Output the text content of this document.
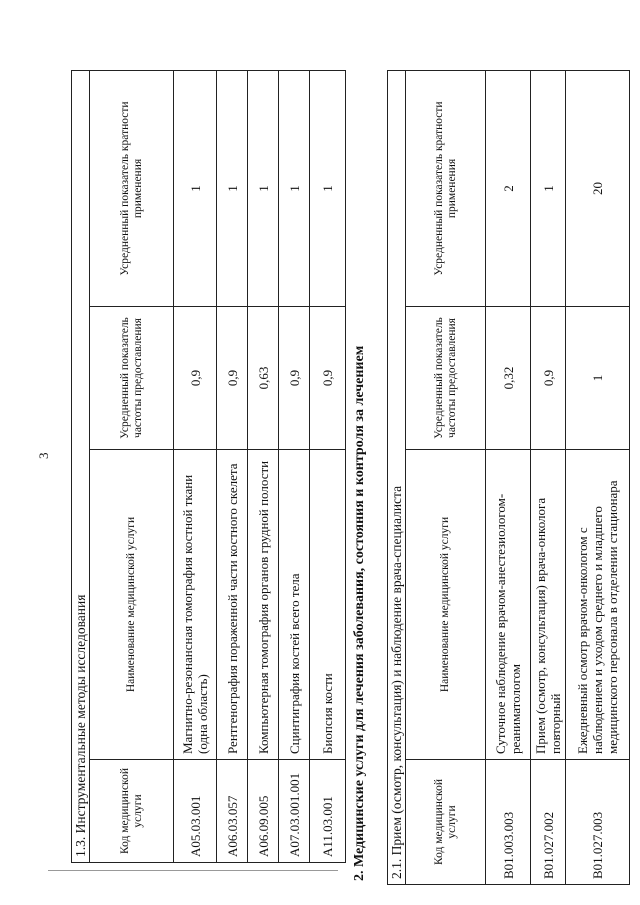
3
1.3. Инструментальные методы исследования			
Код медицинской услуги	Наименование медицинской услуги	Усредненный показатель частоты предоставления	Усредненный показатель кратности применения
A05.03.001	Магнитно-резонансная томография костной ткани (одна область)	0,9	1
A06.03.057	Рентгенография пораженной части костного скелета	0,9	1
A06.09.005	Компьютерная томография органов грудной полости	0,63	1
A07.03.001.001	Сцинтиграфия костей всего тела	0,9	1
A11.03.001	Биопсия кости	0,9	1
2. Медицинские услуги для лечения заболевания, состояния и контроля за лечением 2.1. Прием (осмотр, консультация) и наблюдение врача-специалиста			
Код медицинской услуги	Наименование медицинской услуги	Усредненный показатель частоты предоставления	Усредненный показатель кратности применения
B01.003.003	Суточное наблюдение врачом-анестезиологом-реаниматологом	0,32	2
B01.027.002	Прием (осмотр, консультация) врача-онколога повторный	0,9	1
B01.027.003	Ежедневный осмотр врачом-онкологом с наблюдением и уходом среднего и младшего медицинского персонала в отделении стационара	1	20
